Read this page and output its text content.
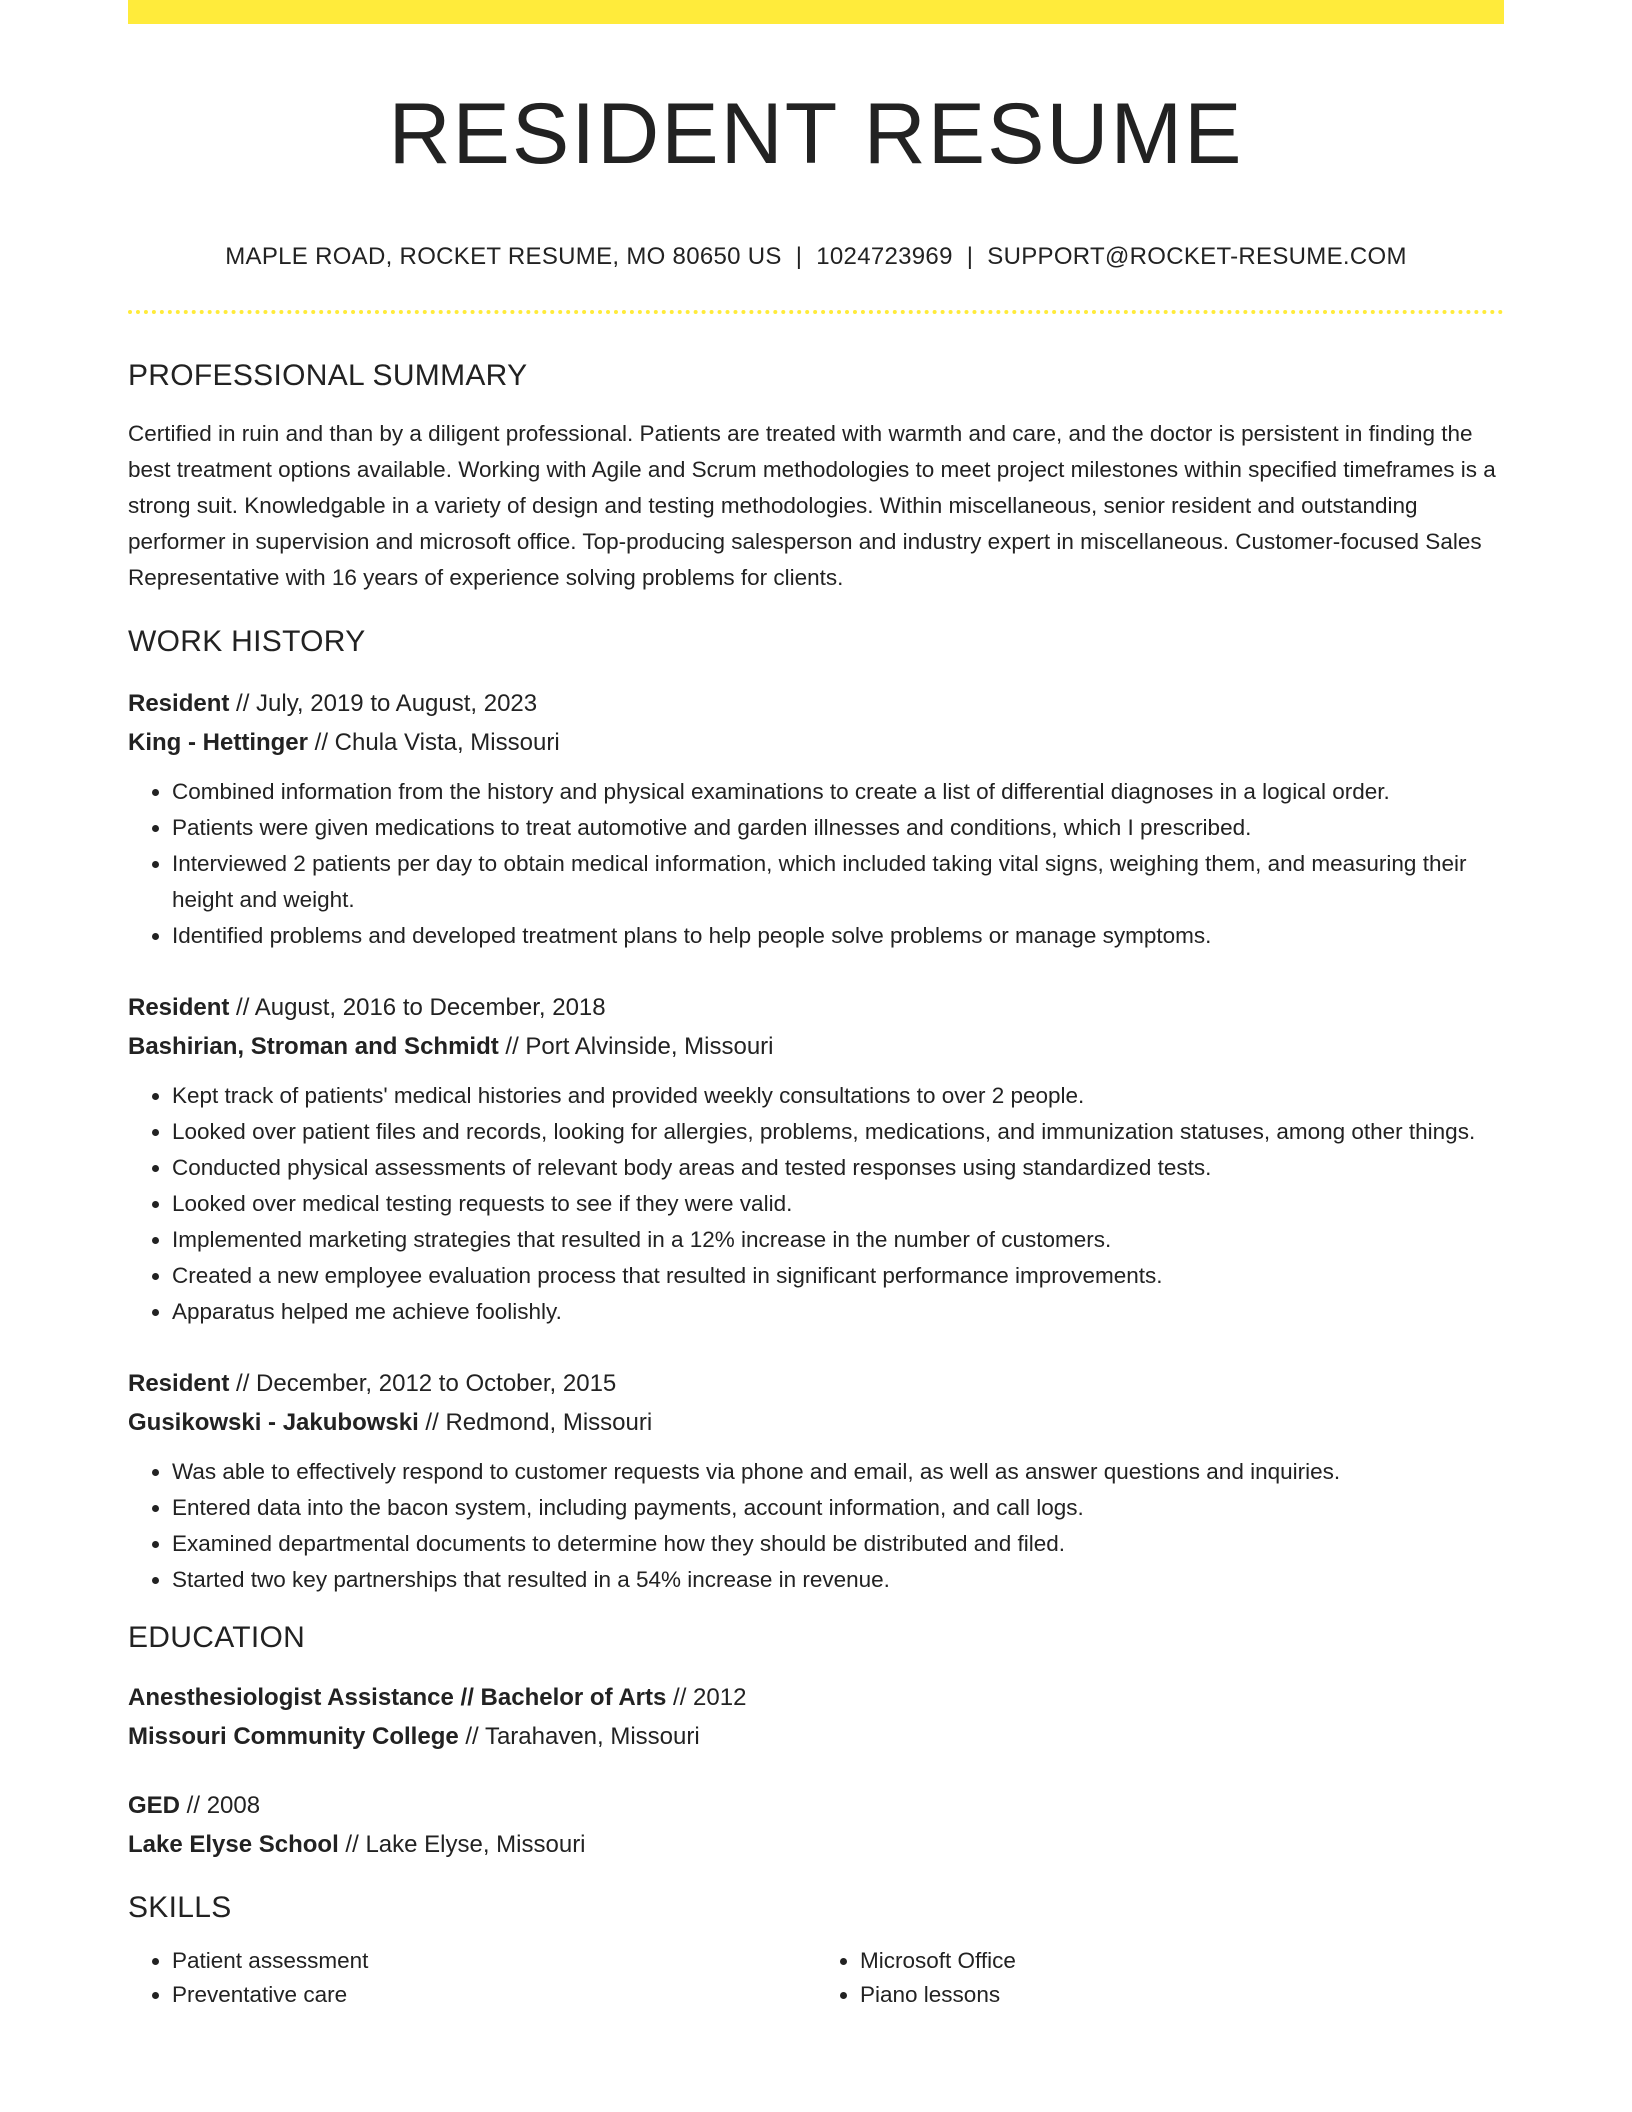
RESIDENT RESUME
MAPLE ROAD, ROCKET RESUME, MO 80650 US | 1024723969 | SUPPORT@ROCKET-RESUME.COM
PROFESSIONAL SUMMARY
Certified in ruin and than by a diligent professional. Patients are treated with warmth and care, and the doctor is persistent in finding the best treatment options available. Working with Agile and Scrum methodologies to meet project milestones within specified timeframes is a strong suit. Knowledgable in a variety of design and testing methodologies. Within miscellaneous, senior resident and outstanding performer in supervision and microsoft office. Top-producing salesperson and industry expert in miscellaneous. Customer-focused Sales Representative with 16 years of experience solving problems for clients.
WORK HISTORY
Resident // July, 2019 to August, 2023
King - Hettinger // Chula Vista, Missouri
• Combined information from the history and physical examinations to create a list of differential diagnoses in a logical order.
• Patients were given medications to treat automotive and garden illnesses and conditions, which I prescribed.
• Interviewed 2 patients per day to obtain medical information, which included taking vital signs, weighing them, and measuring their height and weight.
• Identified problems and developed treatment plans to help people solve problems or manage symptoms.
Resident // August, 2016 to December, 2018
Bashirian, Stroman and Schmidt // Port Alvinside, Missouri
• Kept track of patients' medical histories and provided weekly consultations to over 2 people.
• Looked over patient files and records, looking for allergies, problems, medications, and immunization statuses, among other things.
• Conducted physical assessments of relevant body areas and tested responses using standardized tests.
• Looked over medical testing requests to see if they were valid.
• Implemented marketing strategies that resulted in a 12% increase in the number of customers.
• Created a new employee evaluation process that resulted in significant performance improvements.
• Apparatus helped me achieve foolishly.
Resident // December, 2012 to October, 2015
Gusikowski - Jakubowski // Redmond, Missouri
• Was able to effectively respond to customer requests via phone and email, as well as answer questions and inquiries.
• Entered data into the bacon system, including payments, account information, and call logs.
• Examined departmental documents to determine how they should be distributed and filed.
• Started two key partnerships that resulted in a 54% increase in revenue.
EDUCATION
Anesthesiologist Assistance // Bachelor of Arts // 2012
Missouri Community College // Tarahaven, Missouri
GED // 2008
Lake Elyse School // Lake Elyse, Missouri
SKILLS
• Patient assessment
• Preventative care
• Microsoft Office
• Piano lessons
